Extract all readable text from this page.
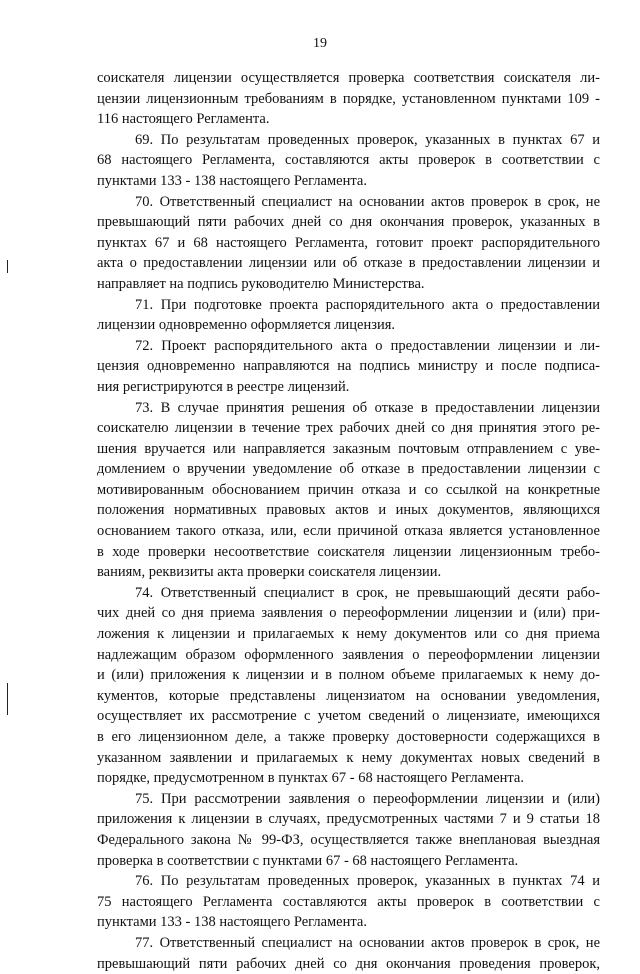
19
соискателя лицензии осуществляется проверка соответствия соискателя ли-
цензии лицензионным требованиям в порядке, установленном пунктами 109 -
116 настоящего Регламента.
69. По результатам проведенных проверок, указанных в пунктах 67 и
68 настоящего Регламента, составляются акты проверок в соответствии с
пунктами 133 - 138 настоящего Регламента.
70. Ответственный специалист на основании актов проверок в срок, не
превышающий пяти рабочих дней со дня окончания проверок, указанных в
пунктах 67 и 68 настоящего Регламента, готовит проект распорядительного
акта о предоставлении лицензии или об отказе в предоставлении лицензии и
направляет на подпись руководителю Министерства.
71. При подготовке проекта распорядительного акта о предоставлении
лицензии одновременно оформляется лицензия.
72. Проект распорядительного акта о предоставлении лицензии и ли-
цензия одновременно направляются на подпись министру и после подписа-
ния регистрируются в реестре лицензий.
73. В случае принятия решения об отказе в предоставлении лицензии
соискателю лицензии в течение трех рабочих дней со дня принятия этого ре-
шения вручается или направляется заказным почтовым отправлением с уве-
домлением о вручении уведомление об отказе в предоставлении лицензии с
мотивированным обоснованием причин отказа и со ссылкой на конкретные
положения нормативных правовых актов и иных документов, являющихся
основанием такого отказа, или, если причиной отказа является установленное
в ходе проверки несоответствие соискателя лицензии лицензионным требо-
ваниям, реквизиты акта проверки соискателя лицензии.
74. Ответственный специалист в срок, не превышающий десяти рабо-
чих дней со дня приема заявления о переоформлении лицензии и (или) при-
ложения к лицензии и прилагаемых к нему документов или со дня приема
надлежащим образом оформленного заявления о переоформлении лицензии
и (или) приложения к лицензии и в полном объеме прилагаемых к нему до-
кументов, которые представлены лицензиатом на основании уведомления,
осуществляет их рассмотрение с учетом сведений о лицензиате, имеющихся
в его лицензионном деле, а также проверку достоверности содержащихся в
указанном заявлении и прилагаемых к нему документах новых сведений в
порядке, предусмотренном в пунктах 67 - 68 настоящего Регламента.
75. При рассмотрении заявления о переоформлении лицензии и (или)
приложения к лицензии в случаях, предусмотренных частями 7 и 9 статьи 18
Федерального закона № 99-ФЗ, осуществляется также внеплановая выездная
проверка в соответствии с пунктами 67 - 68 настоящего Регламента.
76. По результатам проведенных проверок, указанных в пунктах 74 и
75 настоящего Регламента составляются акты проверок в соответствии с
пунктами 133 - 138 настоящего Регламента.
77. Ответственный специалист на основании актов проверок в срок, не
превышающий пяти рабочих дней со дня окончания проведения проверок,
